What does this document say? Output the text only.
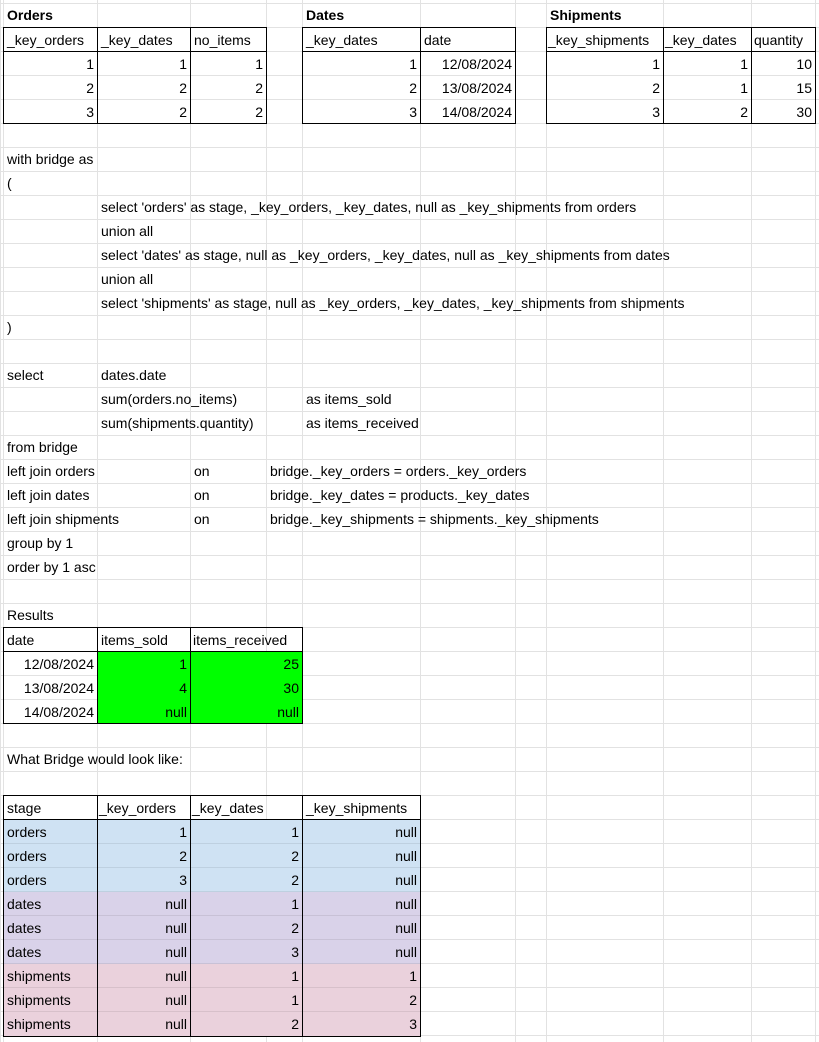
Orders
_key_orders	_key_dates	no_items
1	1	1
2	2	2
3	2	2
Dates
_key_dates	date
1	12/08/2024
2	13/08/2024
3	14/08/2024
Shipments
_key_shipments	_key_dates	quantity
1	1	10
2	1	15
3	2	30
with bridge as
(
select 'orders' as stage, _key_orders, _key_dates, null as _key_shipments from orders
union all
select 'dates' as stage, null as _key_orders, _key_dates, null as _key_shipments from dates
union all
select 'shipments' as stage, null as _key_orders, _key_dates, _key_shipments from shipments
)
select	dates.date
sum(orders.no_items)	as items_sold
sum(shipments.quantity)	as items_received
from bridge
left join orders	on	bridge._key_orders = orders._key_orders
left join dates	on	bridge._key_dates = products._key_dates
left join shipments	on	bridge._key_shipments = shipments._key_shipments
group by 1
order by 1 asc
Results
date	items_sold	items_received
12/08/2024	1	25
13/08/2024	4	30
14/08/2024	null	null
What Bridge would look like:
stage	_key_orders	_key_dates	_key_shipments
orders	1	1	null
orders	2	2	null
orders	3	2	null
dates	null	1	null
dates	null	2	null
dates	null	3	null
shipments	null	1	1
shipments	null	1	2
shipments	null	2	3
